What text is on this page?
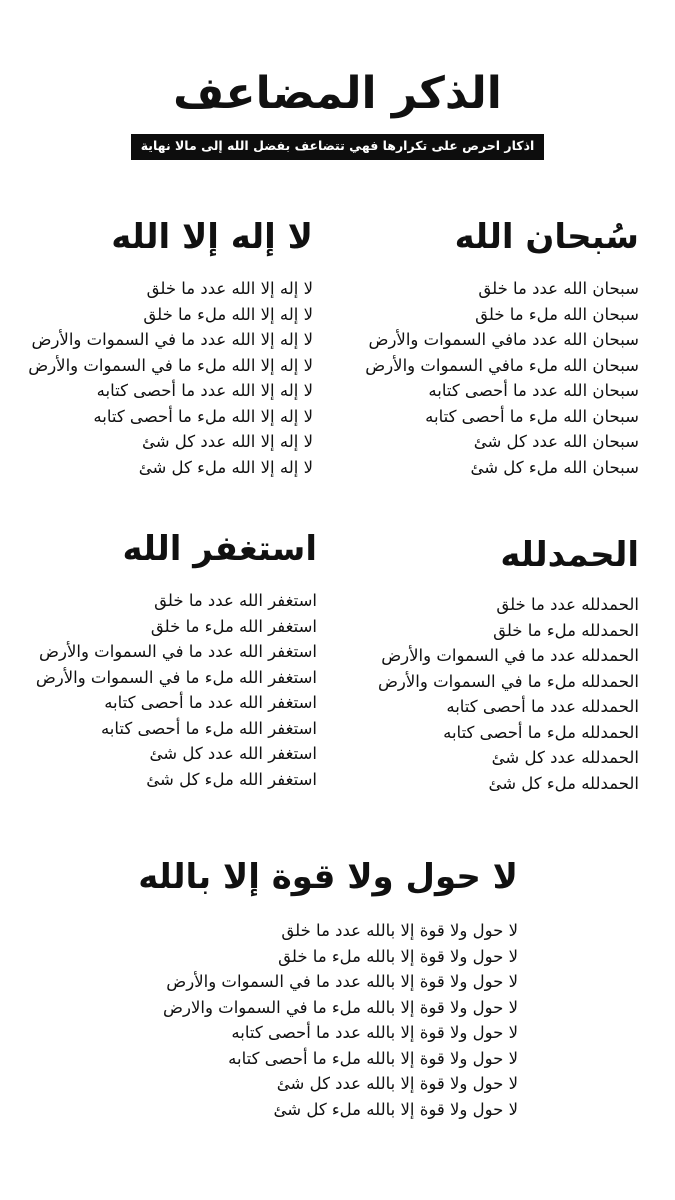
الذكر المضاعف
اذكار احرص على تكرارها فهي تتضاعف بفضل الله إلى مالا نهاية
سُبحان الله
سبحان الله عدد ما خلق
سبحان الله ملء ما خلق
سبحان الله عدد مافي السموات والأرض
سبحان الله ملء مافي السموات والأرض
سبحان الله عدد ما أحصى كتابه
سبحان الله ملء ما أحصى كتابه
سبحان الله عدد كل شئ
سبحان الله ملء كل شئ
لا إله إلا الله
لا إله إلا الله عدد ما خلق
لا إله إلا الله ملء ما خلق
لا إله إلا الله عدد ما في السموات والأرض
لا إله إلا الله ملء ما في السموات والأرض
لا إله إلا الله عدد ما أحصى كتابه
لا إله إلا الله ملء ما أحصى كتابه
لا إله إلا الله عدد كل شئ
لا إله إلا الله ملء كل شئ
الحمدلله
الحمدلله عدد ما خلق
الحمدلله ملء ما خلق
الحمدلله عدد ما في السموات والأرض
الحمدلله ملء ما في السموات والأرض
الحمدلله عدد ما أحصى كتابه
الحمدلله ملء ما أحصى كتابه
الحمدلله عدد كل شئ
الحمدلله ملء كل شئ
استغفر الله
استغفر الله عدد ما خلق
استغفر الله ملء ما خلق
استغفر الله عدد ما في السموات والأرض
استغفر الله ملء ما في السموات والأرض
استغفر الله عدد ما أحصى كتابه
استغفر الله ملء ما أحصى كتابه
استغفر الله عدد كل شئ
استغفر الله ملء كل شئ
لا حول ولا قوة إلا بالله
لا حول ولا قوة إلا بالله عدد ما خلق
لا حول ولا قوة إلا بالله ملء ما خلق
لا حول ولا قوة إلا بالله عدد ما في السموات والأرض
لا حول ولا قوة إلا بالله ملء ما في السموات والارض
لا حول ولا قوة إلا بالله عدد ما أحصى كتابه
لا حول ولا قوة إلا بالله ملء ما أحصى كتابه
لا حول ولا قوة إلا بالله عدد كل شئ
لا حول ولا قوة إلا بالله ملء كل شئ
